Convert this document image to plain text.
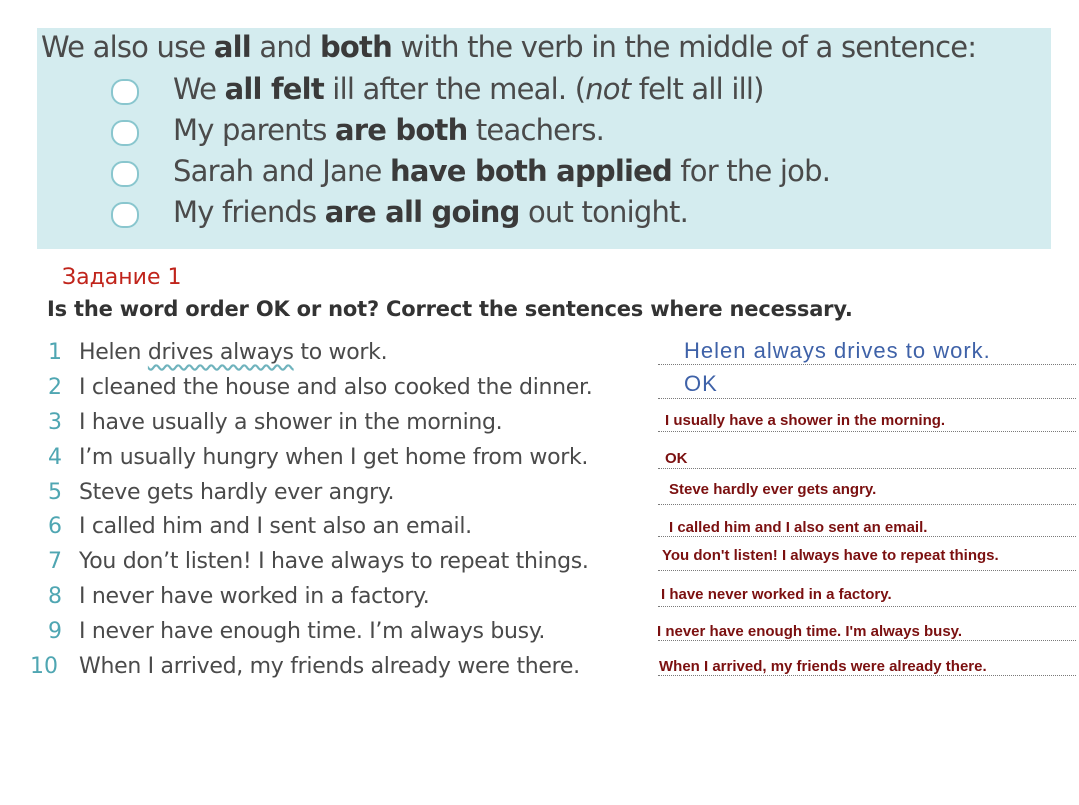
We also use all and both with the verb in the middle of a sentence:
We all felt ill after the meal. (not felt all ill)
My parents are both teachers.
Sarah and Jane have both applied for the job.
My friends are all going out tonight.
Задание 1
Is the word order OK or not? Correct the sentences where necessary.
1 Helen drives always to work.	Helen always drives to work.
2 I cleaned the house and also cooked the dinner.	OK
3 I have usually a shower in the morning.	I usually have a shower in the morning.
4 I’m usually hungry when I get home from work.	OK
5 Steve gets hardly ever angry.	Steve hardly ever gets angry.
6 I called him and I sent also an email.	I called him and I also sent an email.
7 You don’t listen! I have always to repeat things.	You don't listen! I always have to repeat things.
8 I never have worked in a factory.	I have never worked in a factory.
9 I never have enough time. I’m always busy.	I never have enough time. I'm always busy.
10 When I arrived, my friends already were there.	When I arrived, my friends were already there.
